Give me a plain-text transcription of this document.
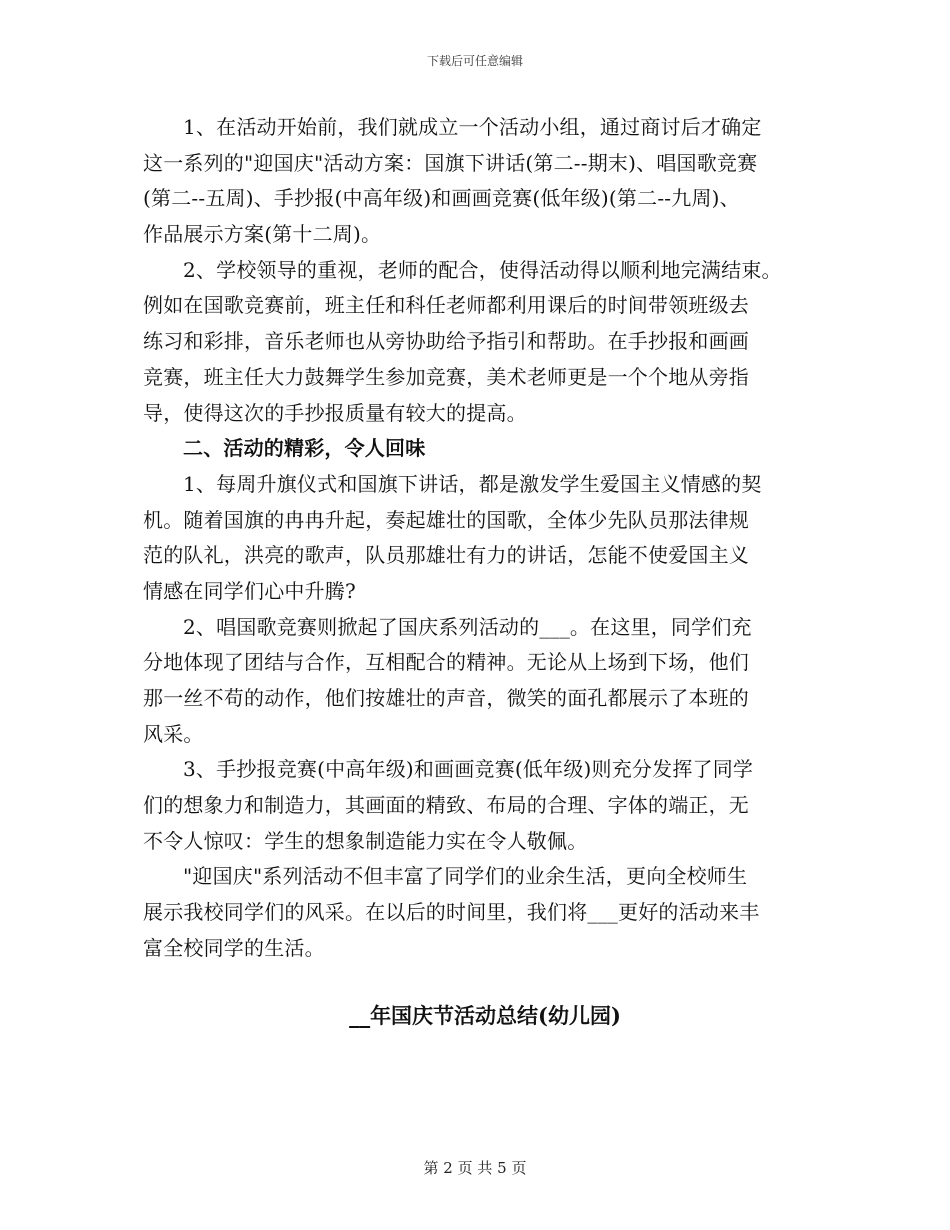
下载后可任意编辑
1、在活动开始前，我们就成立一个活动小组，通过商讨后才确定
这一系列的"迎国庆"活动方案：国旗下讲话(第二--期末)、唱国歌竞赛
(第二--五周)、手抄报(中高年级)和画画竞赛(低年级)(第二--九周)、
作品展示方案(第十二周)。
2、学校领导的重视，老师的配合，使得活动得以顺利地完满结束。
例如在国歌竞赛前，班主任和科任老师都利用课后的时间带领班级去
练习和彩排，音乐老师也从旁协助给予指引和帮助。在手抄报和画画
竞赛，班主任大力鼓舞学生参加竞赛，美术老师更是一个个地从旁指
导，使得这次的手抄报质量有较大的提高。
二、活动的精彩，令人回味
1、每周升旗仪式和国旗下讲话，都是激发学生爱国主义情感的契
机。随着国旗的冉冉升起，奏起雄壮的国歌，全体少先队员那法律规
范的队礼，洪亮的歌声，队员那雄壮有力的讲话，怎能不使爱国主义
情感在同学们心中升腾?
2、唱国歌竞赛则掀起了国庆系列活动的___。在这里，同学们充
分地体现了团结与合作，互相配合的精神。无论从上场到下场，他们
那一丝不苟的动作，他们按雄壮的声音，微笑的面孔都展示了本班的
风采。
3、手抄报竞赛(中高年级)和画画竞赛(低年级)则充分发挥了同学
们的想象力和制造力，其画面的精致、布局的合理、字体的端正，无
不令人惊叹：学生的想象制造能力实在令人敬佩。
"迎国庆"系列活动不但丰富了同学们的业余生活，更向全校师生
展示我校同学们的风采。在以后的时间里，我们将___更好的活动来丰
富全校同学的生活。
__年国庆节活动总结(幼儿园)
第 2 页 共 5 页
